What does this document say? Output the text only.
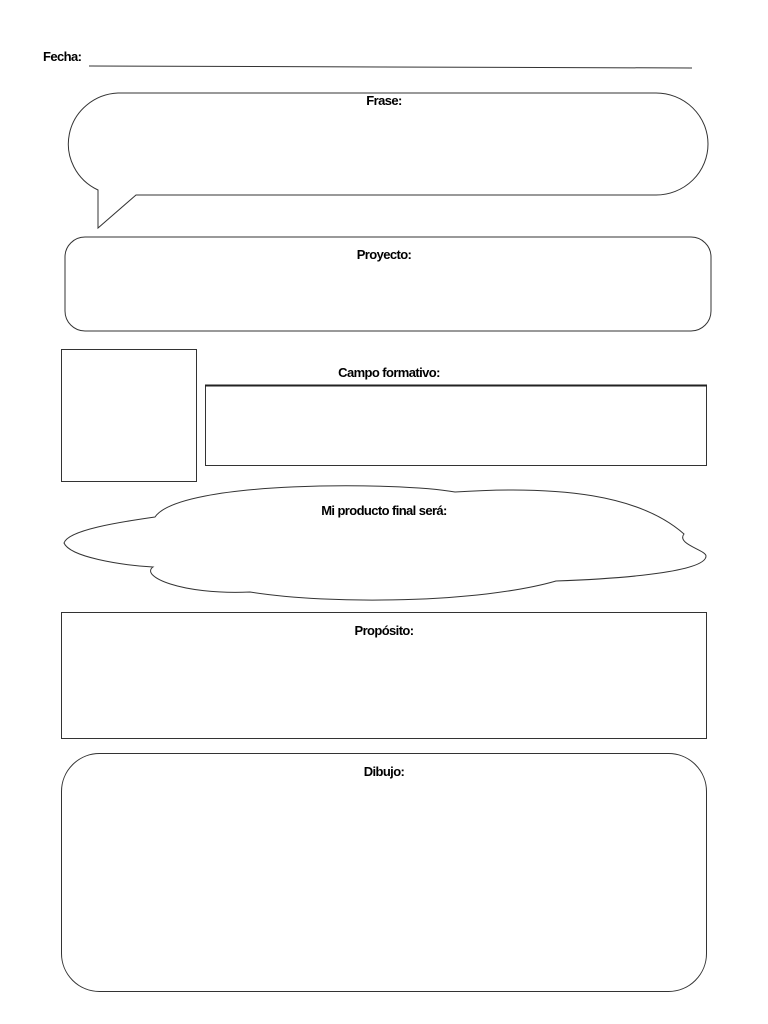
Fecha:
Frase:
Proyecto:
Campo formativo:
Mi producto final será:
Propósito:
Dibujo:
